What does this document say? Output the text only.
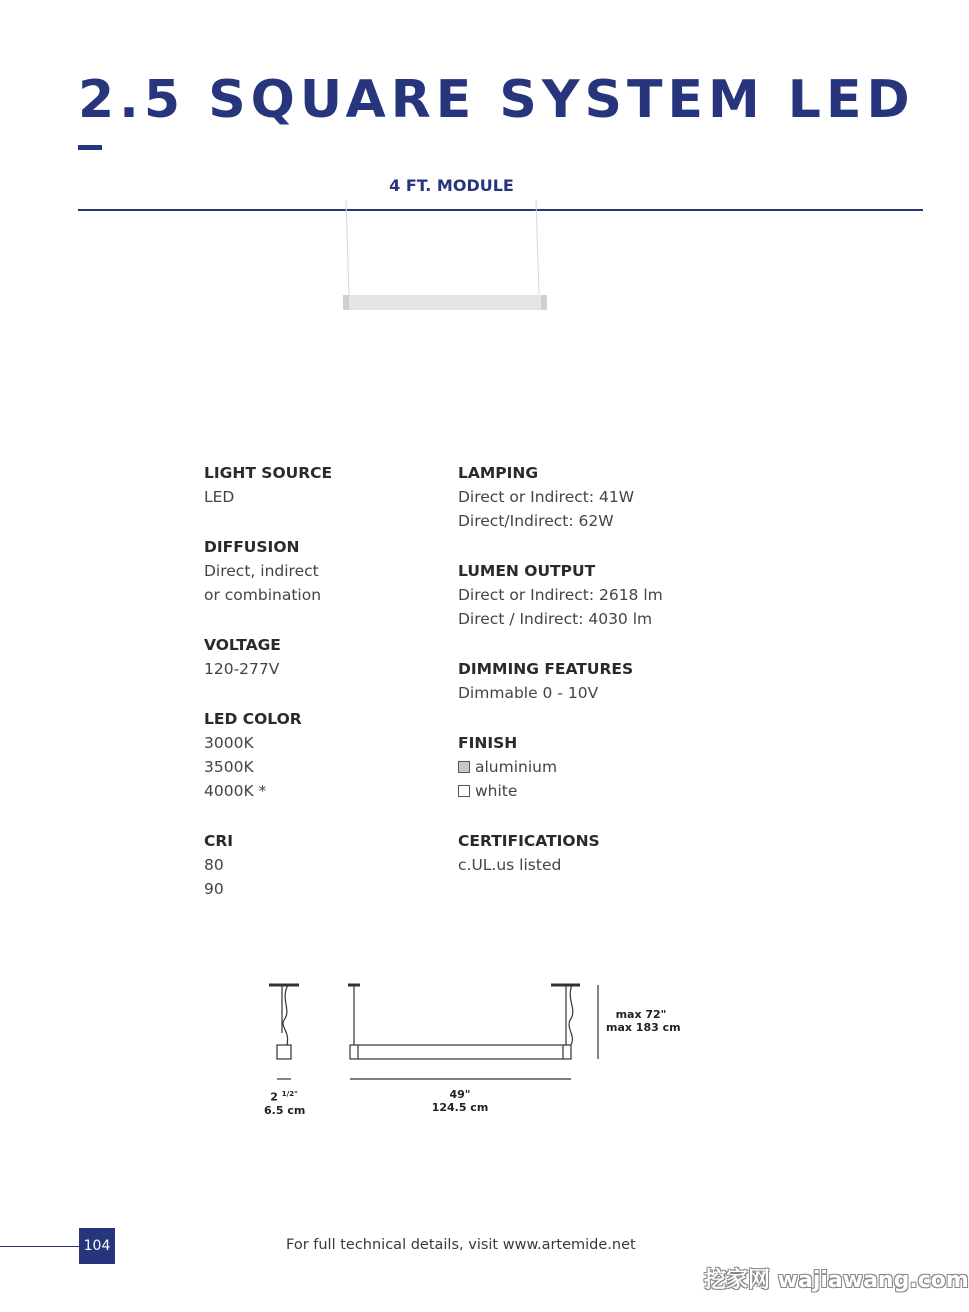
2.5 SQUARE SYSTEM LED
4 FT. MODULE
LIGHT SOURCE
LED
DIFFUSION
Direct, indirect
or combination
VOLTAGE
120-277V
LED COLOR
3000K
3500K
4000K *
CRI
80
90
LAMPING
Direct or Indirect: 41W
Direct/Indirect: 62W
LUMEN OUTPUT
Direct or Indirect: 2618 lm
Direct / Indirect: 4030 lm
DIMMING FEATURES
Dimmable 0 - 10V
FINISH
aluminium
white
CERTIFICATIONS
c.UL.us listed
2 $^{1/2"}$
6.5 cm
49"
124.5 cm
max 72"
max 183 cm
104	For full technical details, visit www.artemide.net
挖家网 wajiawang.com
